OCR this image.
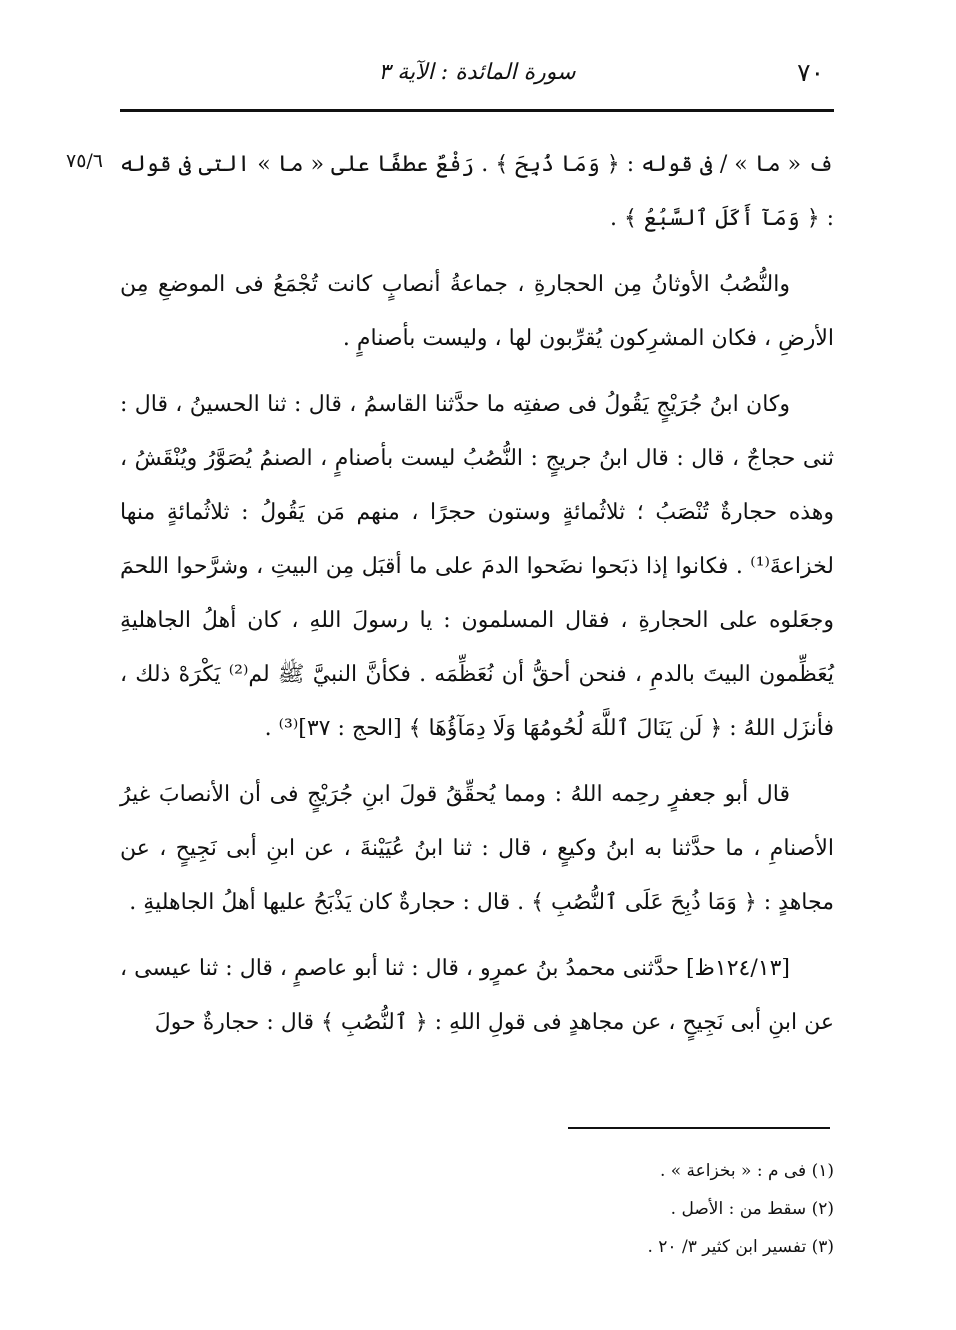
٧٠
سورة المائدة : الآية ٣
٧٥/٦ ف « ما » / فى قوله : ﴿ وَمَا ذُبِحَ ﴾ . رَفْعٌ عطفًا على « ما » التى فى قوله : ﴿ وَمَآ أَكَلَ ٱلسَّبُعُ ﴾ .

والنُّصُبُ الأوثانُ مِن الحجارةِ ، جماعةُ أنصابٍ كانت تُجْمَعُ فى الموضعِ مِن الأرضِ ، فكان المشرِكون يُقرِّبون لها ، وليست بأصنامٍ .

وكان ابنُ جُرَيْجٍ يَقُولُ فى صفتِه ما حدَّثنا القاسمُ ، قال : ثنا الحسينُ ، قال : ثنى حجاجٌ ، قال : قال ابنُ جريجٍ : النُّصُبُ ليست بأصنامٍ ، الصنمُ يُصَوَّرُ ويُنْقَشُ ، وهذه حجارةٌ تُنْصَبُ ؛ ثلاثُمائةٍ وستون حجرًا ، منهم مَن يَقُولُ : ثلاثُمائةٍ منها لخزاعةَ⁽¹⁾ . فكانوا إذا ذبَحوا نضَحوا الدمَ على ما أقبَل مِن البيتِ ، وشرَّحوا اللحمَ وجعَلوه على الحجارةِ ، فقال المسلمون : يا رسولَ اللهِ ، كان أهلُ الجاهليةِ يُعَظِّمون البيتَ بالدمِ ، فنحن أحقُّ أن نُعَظِّمَه . فكأنَّ النبيَّ ﷺ لم⁽²⁾ يَكْرَهْ ذلك ، فأنزَل اللهُ : ﴿ لَن يَنَالَ ٱللَّهَ لُحُومُهَا وَلَا دِمَآؤُهَا ﴾ [الحج : ٣٧]⁽³⁾ .

قال أبو جعفرٍ رحِمه اللهُ : ومما يُحقِّقُ قولَ ابنِ جُرَيْجٍ فى أن الأنصابَ غيرُ الأصنامِ ، ما حدَّثنا به ابنُ وكيعٍ ، قال : ثنا ابنُ عُيَيْنةَ ، عن ابنِ أبى نَجِيحٍ ، عن مجاهدٍ : ﴿ وَمَا ذُبِحَ عَلَى ٱلنُّصُبِ ﴾ . قال : حجارةٌ كان يَذْبَحُ عليها أهلُ الجاهليةِ .

[١٢٤/١٣ظ] حدَّثنى محمدُ بنُ عمرٍو ، قال : ثنا أبو عاصمٍ ، قال : ثنا عيسى ، عن ابنِ أبى نَجِيحٍ ، عن مجاهدٍ فى قولِ اللهِ : ﴿ ٱلنُّصُبِ ﴾ قال : حجارةٌ حولَ

(١) فى م : « بخزاعة » .

(٢) سقط من : الأصل .

(٣) تفسير ابن كثير ٣/ ٢٠ .
